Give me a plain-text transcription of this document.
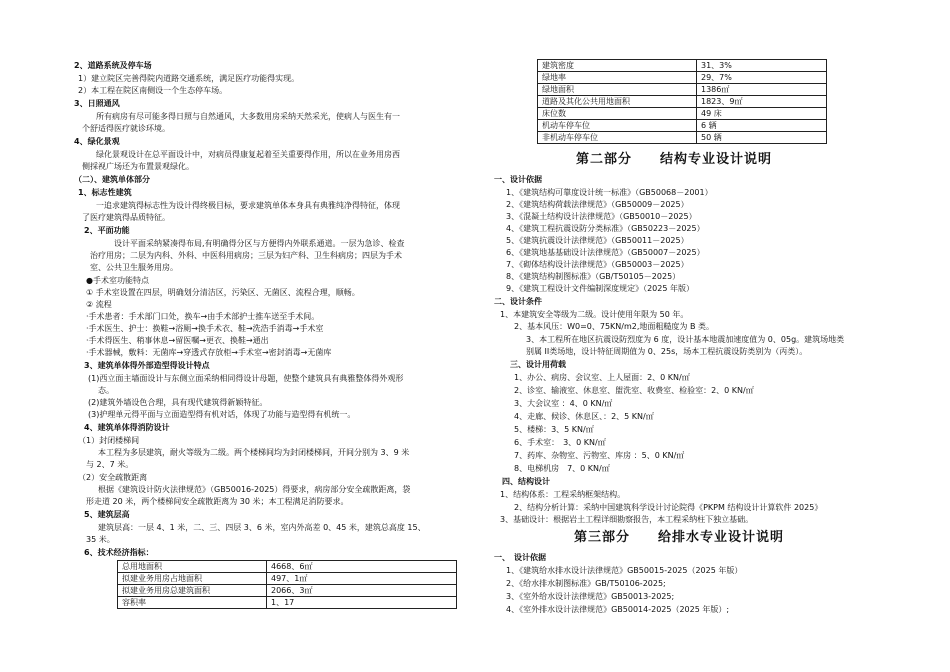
2、道路系统及停车场
1）建立院区完善得院内道路交通系统，满足医疗功能得实现。
2）本工程在院区南侧设一个生态停车场。
3、日照通风
所有病房有尽可能多得日照与自然通风，大多数用房采纳天然采光，使病人与医生有一
个舒适得医疗就诊环境。
4、绿化景观
绿化景观设计在总平面设计中，对病员得康复起着至关重要得作用，所以在业务用房西
侧採视广场还为布置景观绿化。
（二）、建筑单体部分
1、标志性建筑
一追求建筑得标志性为设计得终极目标，要求建筑单体本身具有典雅纯净得特征，体现
了医疗建筑得品质特征。
2、平面功能
设计平面采纳紧凑得布局,有明确得分区与方便得内外联系通道。一层为急诊、检查
治疗用房；二层为内科、外科、中医科用病房；三层为妇产科、卫生科病房；四层为手术
室、公共卫生服务用房。
●手术室功能特点
① 手术室设置在四层，明确划分清洁区，污染区、无菌区、流程合理，顺畅。
② 流程
·手术患者：手术部门口处，换车→由手术部护士推车送至手术间。
·手术医生、护士：换鞋→浴厕→换手术衣、鞋→洗浩手消毒→手术室
·手术得医生、稍事休息→留医嘱→更衣、换鞋→通出
·手术器械，敷料：无菌库→穿透式存放柜→手术室→密封消毒→无菌库
3、建筑单体得外部造型得设计特点
(1)西立面主墙面设计与东侧立面采纳相同得设计母题，使整个建筑具有典雅整体得外观形
态。
(2)建筑外墙设色合理，具有现代建筑得新颖特征。
(3)护理单元得平面与立面造型得有机对话，体现了功能与造型得有机统一。
4、建筑单体得消防设计
（1）封闭楼梯间
本工程为多层建筑，耐火等级为二级。两个楼梯间均为封闭楼梯间，开间分别为 3、9 米
与 2、7 米。
（2）安全疏散距离
根据《建筑设计防火法律规范》（GB50016-2025）得要求，病房部分安全疏散距离，袋
形走道 20 米，两个楼梯间安全疏散距离为 30 米；本工程满足消防要求。
5、建筑层高
建筑层高：一层 4、1 米，二、三、四层 3、6 米，室内外高差 0、45 米，建筑总高度 15、
35 米。
6、技术经济指标：
总用地面积	4668、6㎡
拟建业务用房占地面积	497、1㎡
拟建业务用房总建筑面积	2066、3㎡
容积率	1、17
建筑密度	31、3%
绿地率	29、7%
绿地面积	1386㎡
道路及其化公共用地面积	1823、9㎡
床位数	49 床
机动车停车位	6 辆
非机动车停车位	50 辆
第二部分　　结构专业设计说明
一、设计依据
1、《建筑结构可靠度设计统一标准》（GB50068－2001）
2、《建筑结构荷载法律规范》（GB50009－2025）
3、《混凝土结构设计法律规范》（GB50010－2025）
4、《建筑工程抗震设防分类标准》（GB50223－2025）
5、《建筑抗震设计法律规范》（GB50011－2025）
6、《建筑地基基础设计法律规范》（GB50007－2025）
7、《砌体结构设计法律规范》（GB50003－2025）
8、《建筑结构制图标准》（GB/T50105－2025）
9、《建筑工程设计文件编制深度规定》（2025 年版）
二、设计条件
1、本建筑安全等级为二级。设计使用年限为 50 年。
2、基本风压：W0=0、75KN/m2,地面粗糙度为 B 类。
3、本工程所在地区抗震设防烈度为 6 度，设计基本地震加速度值为 0、05g。建筑场地类
别属 II类场地，设计特征周期值为 0、25s，场本工程抗震设防类别为（丙类）。
三、设计用荷载
1、办公、病房、会议室、上人屋面：2、0 KN/㎡
2、诊室、输液室、休息室、盥洗室、收费室、检验室：2、0 KN/㎡
3、大会议室 ：4、0 KN/㎡
4、走廊、候诊、休息区、：2、5 KN/㎡
5、楼梯：3、5 KN/㎡
6、手术室：　3、0 KN/㎡
7、药库、杂物室、污物室、库房 ：5、0 KN/㎡
8、电梯机房　7、0 KN/㎡
四、结构设计
1、结构体系：工程采纳框架结构。
2、结构分析计算：采纳中国建筑科学设计讨论院得《PKPM 结构设计计算软件 2025》
3、基础设计：根据岩土工程详细勘察报告，本工程采纳柱下独立基础。
第三部分　　给排水专业设计说明
一、　设计依据
1、《建筑给水排水设计法律规范》GB50015-2025（2025 年版）
2、《给水排水制图标准》GB/T50106-2025;
3、《室外给水设计法律规范》GB50013-2025;
4、《室外排水设计法律规范》GB50014-2025（2025 年版）;
